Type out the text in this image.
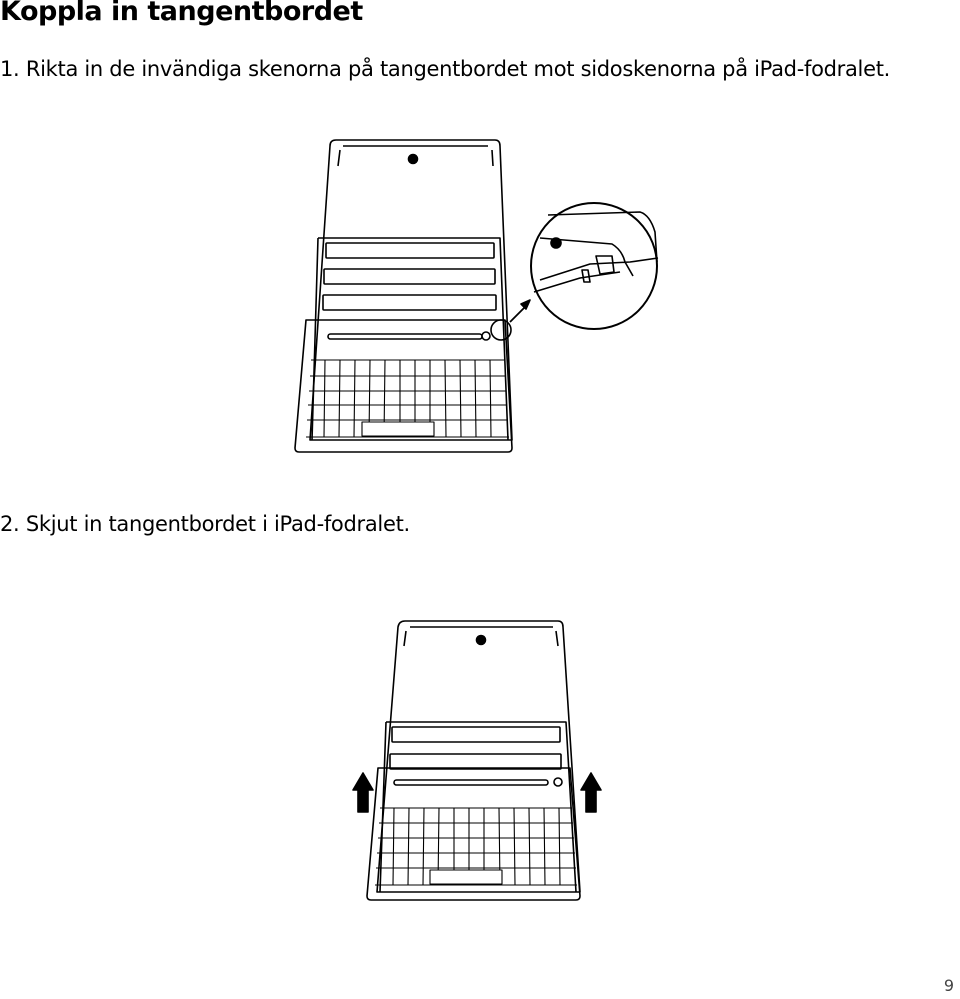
Koppla in tangentbordet
1. Rikta in de invändiga skenorna på tangentbordet mot sidoskenorna på iPad-fodralet.
2. Skjut in tangentbordet i iPad-fodralet.
9
